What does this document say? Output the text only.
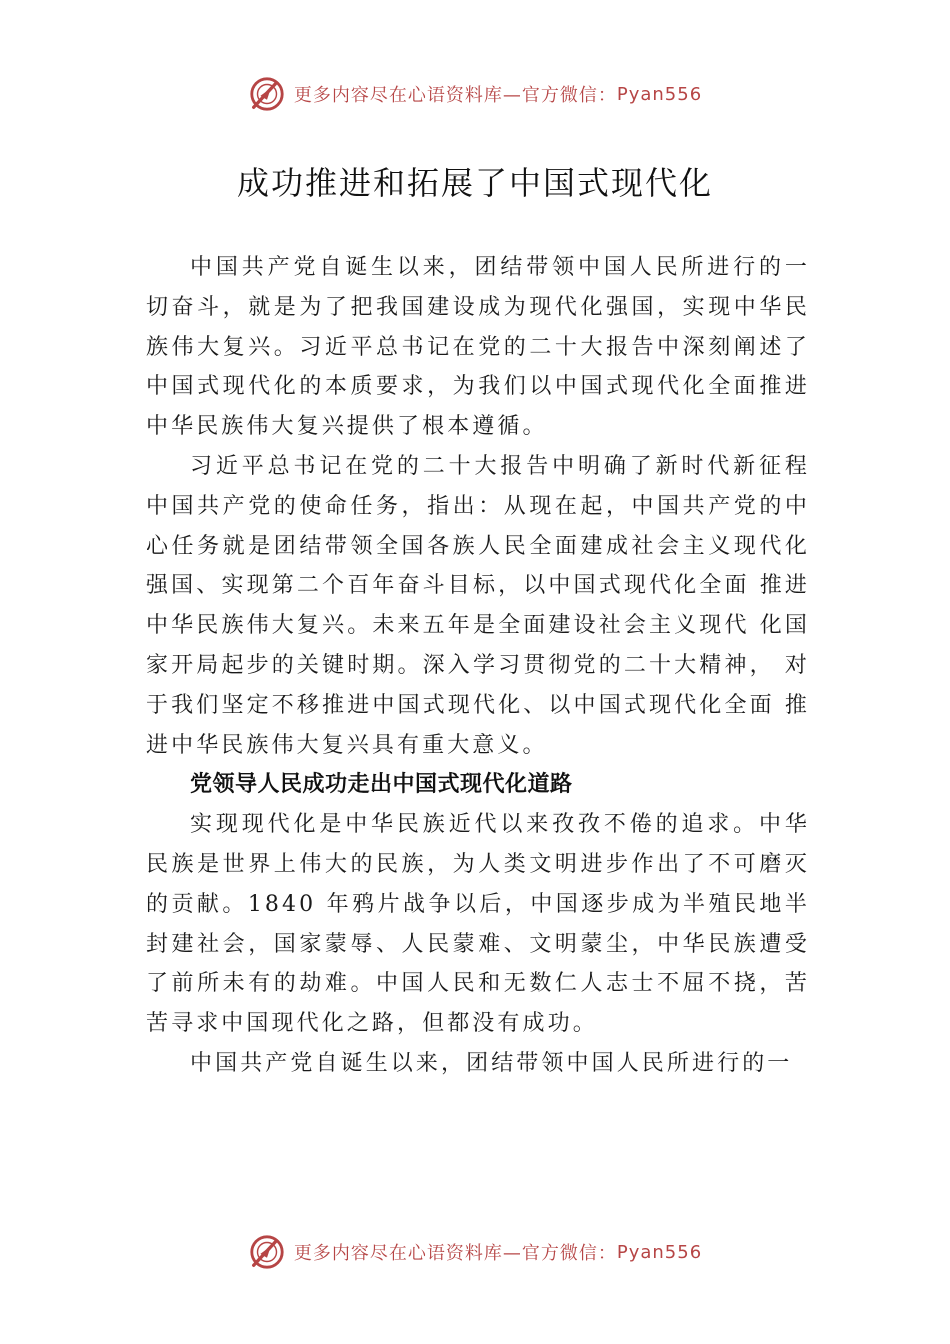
更多内容尽在心语资料库—官方微信： Pyan556
成功推进和拓展了中国式现代化

中国共产党自诞生以来，团结带领中国人民所进行的一切奋斗，就是为了把我国建设成为现代化强国，实现中华民族伟大复兴。习近平总书记在党的二十大报告中深刻阐述了中国式现代化的本质要求，为我们以中国式现代化全面推进中华民族伟大复兴提供了根本遵循。

习近平总书记在党的二十大报告中明确了新时代新征程中国共产党的使命任务，指出：从现在起，中国共产党的中心任务就是团结带领全国各族人民全面建成社会主义现代化强国、实现第二个百年奋斗目标，以中国式现代化全面 推进中华民族伟大复兴。未来五年是全面建设社会主义现代 化国家开局起步的关键时期。深入学习贯彻党的二十大精神， 对于我们坚定不移推进中国式现代化、以中国式现代化全面 推进中华民族伟大复兴具有重大意义。

党领导人民成功走出中国式现代化道路

实现现代化是中华民族近代以来孜孜不倦的追求。中华民族是世界上伟大的民族，为人类文明进步作出了不可磨灭的贡献。1840 年鸦片战争以后，中国逐步成为半殖民地半封建社会，国家蒙辱、人民蒙难、文明蒙尘，中华民族遭受了前所未有的劫难。中国人民和无数仁人志士不屈不挠，苦苦寻求中国现代化之路，但都没有成功。

中国共产党自诞生以来，团结带领中国人民所进行的一

更多内容尽在心语资料库—官方微信： Pyan556
